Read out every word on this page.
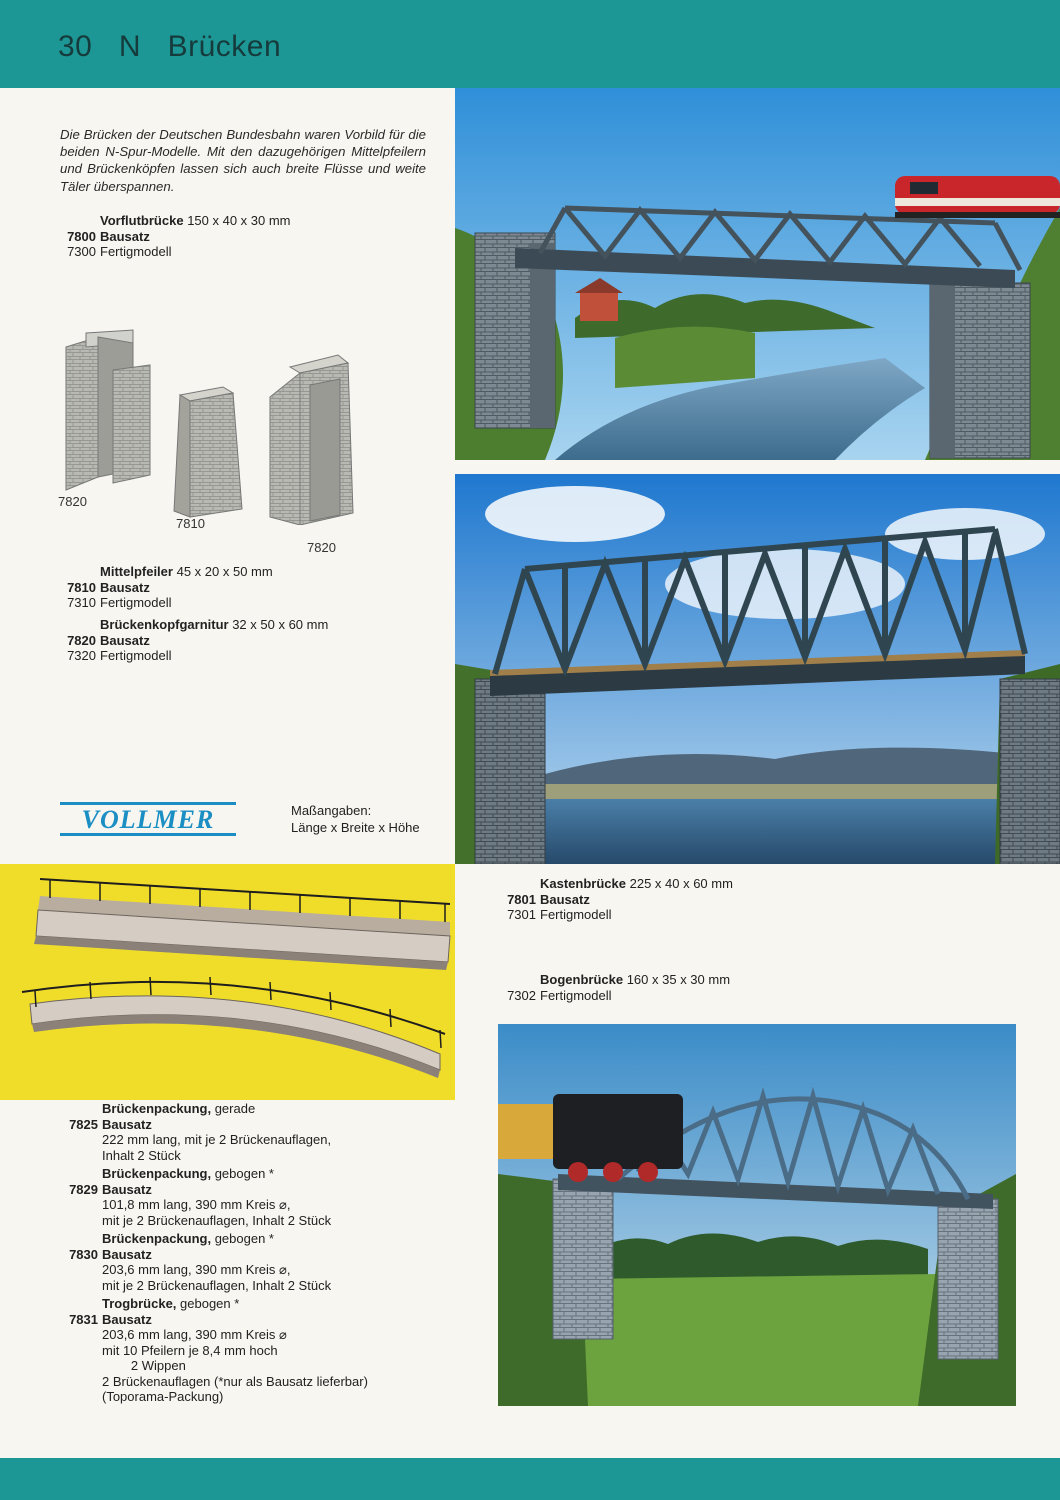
30 N Brücken
Die Brücken der Deutschen Bundesbahn waren Vorbild für die beiden N-Spur-Modelle. Mit den dazugehörigen Mittelpfeilern und Brückenköpfen lassen sich auch breite Flüsse und weite Täler überspannen.
Vorflutbrücke 150 x 40 x 30 mm
7800 Bausatz
7300 Fertigmodell
7820
7810
7820
Mittelpfeiler 45 x 20 x 50 mm
7810 Bausatz
7310 Fertigmodell
Brückenkopfgarnitur 32 x 50 x 60 mm
7820 Bausatz
7320 Fertigmodell
VOLLMER	Maßangaben:
Länge x Breite x Höhe
Kastenbrücke 225 x 40 x 60 mm
7801 Bausatz
7301 Fertigmodell
Bogenbrücke 160 x 35 x 30 mm
7302 Fertigmodell
Brückenpackung, gerade
7825 Bausatz
222 mm lang, mit je 2 Brückenauflagen,
Inhalt 2 Stück
Brückenpackung, gebogen *
7829 Bausatz
101,8 mm lang, 390 mm Kreis ⌀,
mit je 2 Brückenauflagen, Inhalt 2 Stück
Brückenpackung, gebogen *
7830 Bausatz
203,6 mm lang, 390 mm Kreis ⌀,
mit je 2 Brückenauflagen, Inhalt 2 Stück
Trogbrücke, gebogen *
7831 Bausatz
203,6 mm lang, 390 mm Kreis ⌀
mit 10 Pfeilern je 8,4 mm hoch
2 Wippen
2 Brückenauflagen (*nur als Bausatz lieferbar)
(Toporama-Packung)
